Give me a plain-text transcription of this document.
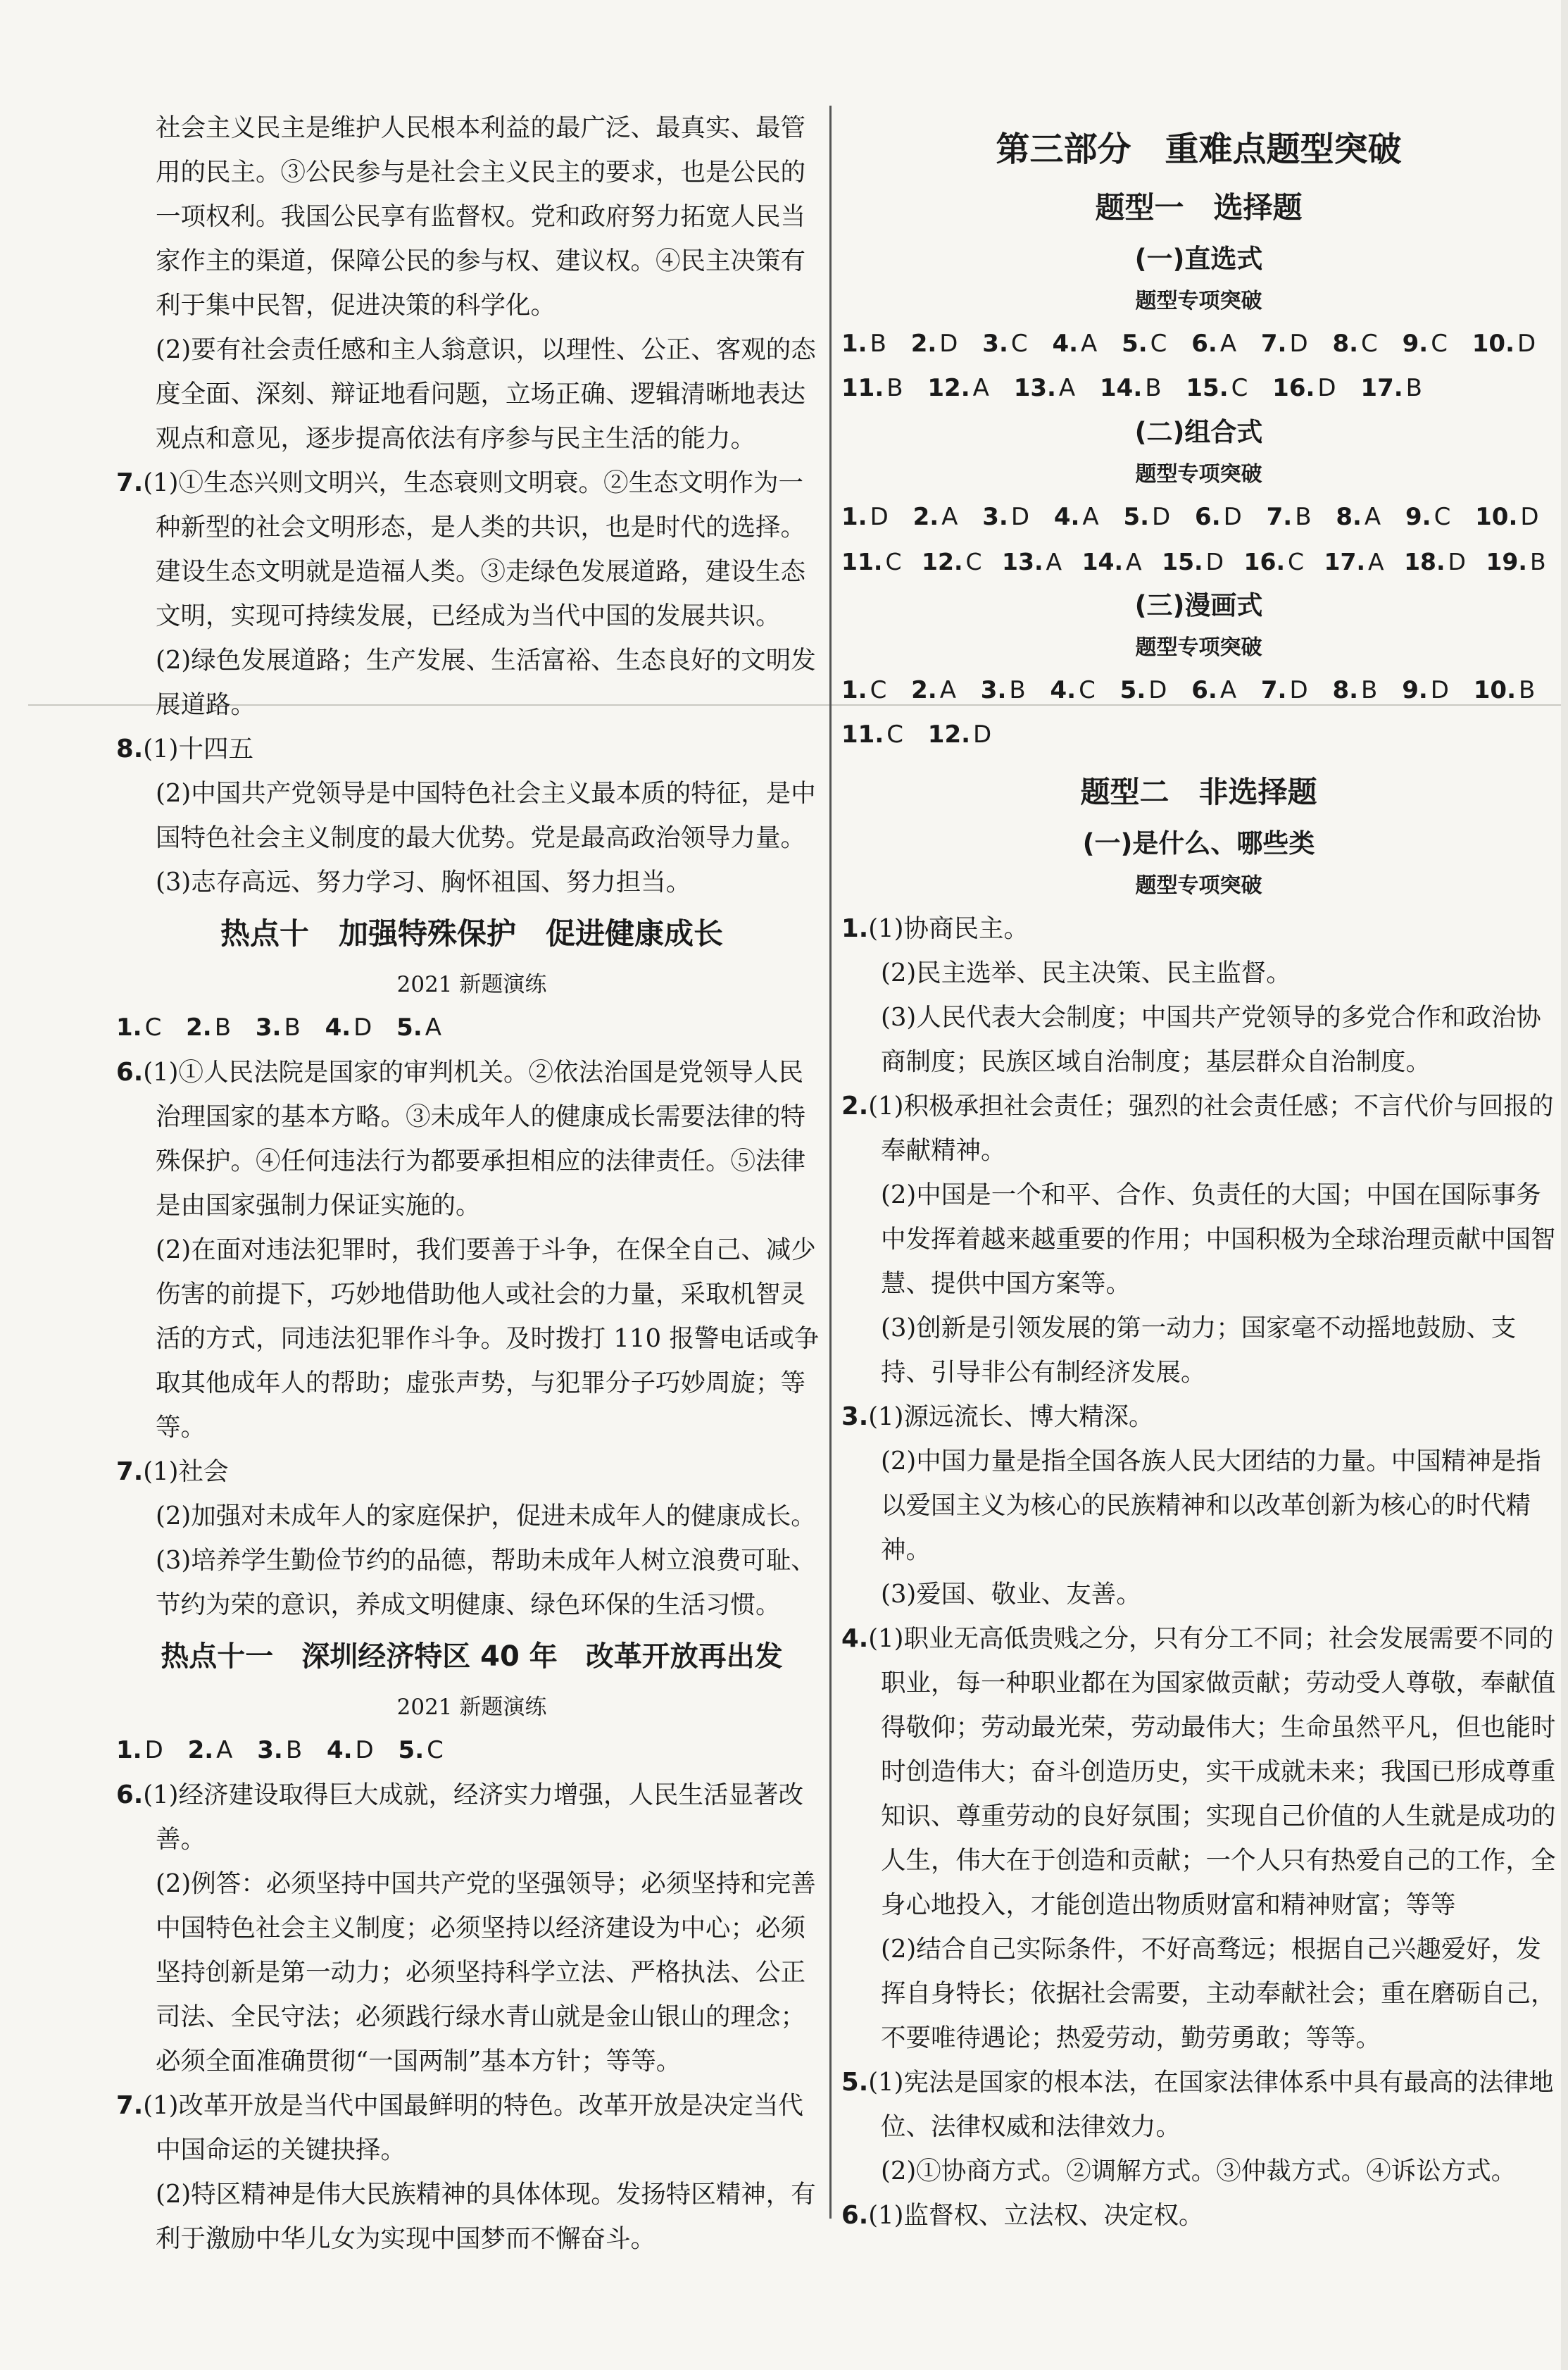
社会主义民主是维护人民根本利益的最广泛、最真实、最管用的民主。③公民参与是社会主义民主的要求，也是公民的一项权利。我国公民享有监督权。党和政府努力拓宽人民当家作主的渠道，保障公民的参与权、建议权。④民主决策有利于集中民智，促进决策的科学化。

(2)要有社会责任感和主人翁意识，以理性、公正、客观的态度全面、深刻、辩证地看问题，立场正确、逻辑清晰地表达观点和意见，逐步提高依法有序参与民主生活的能力。

7.(1)①生态兴则文明兴，生态衰则文明衰。②生态文明作为一种新型的社会文明形态，是人类的共识，也是时代的选择。建设生态文明就是造福人类。③走绿色发展道路，建设生态文明，实现可持续发展，已经成为当代中国的发展共识。

(2)绿色发展道路；生产发展、生活富裕、生态良好的文明发展道路。

8.(1)十四五

(2)中国共产党领导是中国特色社会主义最本质的特征，是中国特色社会主义制度的最大优势。党是最高政治领导力量。

(3)志存高远、努力学习、胸怀祖国、努力担当。

热点十　加强特殊保护　促进健康成长
2021 新题演练

1. C 2. B 3. B 4. D 5. A

6.(1)①人民法院是国家的审判机关。②依法治国是党领导人民治理国家的基本方略。③未成年人的健康成长需要法律的特殊保护。④任何违法行为都要承担相应的法律责任。⑤法律是由国家强制力保证实施的。

(2)在面对违法犯罪时，我们要善于斗争，在保全自己、减少伤害的前提下，巧妙地借助他人或社会的力量，采取机智灵活的方式，同违法犯罪作斗争。及时拨打 110 报警电话或争取其他成年人的帮助；虚张声势，与犯罪分子巧妙周旋；等等。

7.(1)社会

(2)加强对未成年人的家庭保护，促进未成年人的健康成长。

(3)培养学生勤俭节约的品德，帮助未成年人树立浪费可耻、节约为荣的意识，养成文明健康、绿色环保的生活习惯。

热点十一　深圳经济特区 40 年　改革开放再出发
2021 新题演练

1. D 2. A 3. B 4. D 5. C

6.(1)经济建设取得巨大成就，经济实力增强，人民生活显著改善。

(2)例答：必须坚持中国共产党的坚强领导；必须坚持和完善中国特色社会主义制度；必须坚持以经济建设为中心；必须坚持创新是第一动力；必须坚持科学立法、严格执法、公正司法、全民守法；必须践行绿水青山就是金山银山的理念；必须全面准确贯彻“一国两制”基本方针；等等。

7.(1)改革开放是当代中国最鲜明的特色。改革开放是决定当代中国命运的关键抉择。

(2)特区精神是伟大民族精神的具体体现。发扬特区精神，有利于激励中华儿女为实现中国梦而不懈奋斗。

第三部分　重难点题型突破
题型一　选择题
(一)直选式
题型专项突破

1. B 2. D 3. C 4. A 5. C 6. A 7. D 8. C 9. C 10. D

11. B 12. A 13. A 14. B 15. C 16. D 17. B

(二)组合式
题型专项突破

1. D 2. A 3. D 4. A 5. D 6. D 7. B 8. A 9. C 10. D

11. C 12. C 13. A 14. A 15. D 16. C 17. A 18. D 19. B

(三)漫画式
题型专项突破

1. C 2. A 3. B 4. C 5. D 6. A 7. D 8. B 9. D 10. B

11. C 12. D

题型二　非选择题
(一)是什么、哪些类
题型专项突破

1.(1)协商民主。

(2)民主选举、民主决策、民主监督。

(3)人民代表大会制度；中国共产党领导的多党合作和政治协商制度；民族区域自治制度；基层群众自治制度。

2.(1)积极承担社会责任；强烈的社会责任感；不言代价与回报的奉献精神。

(2)中国是一个和平、合作、负责任的大国；中国在国际事务中发挥着越来越重要的作用；中国积极为全球治理贡献中国智慧、提供中国方案等。

(3)创新是引领发展的第一动力；国家毫不动摇地鼓励、支持、引导非公有制经济发展。

3.(1)源远流长、博大精深。

(2)中国力量是指全国各族人民大团结的力量。中国精神是指以爱国主义为核心的民族精神和以改革创新为核心的时代精神。

(3)爱国、敬业、友善。

4.(1)职业无高低贵贱之分，只有分工不同；社会发展需要不同的职业，每一种职业都在为国家做贡献；劳动受人尊敬，奉献值得敬仰；劳动最光荣，劳动最伟大；生命虽然平凡，但也能时时创造伟大；奋斗创造历史，实干成就未来；我国已形成尊重知识、尊重劳动的良好氛围；实现自己价值的人生就是成功的人生，伟大在于创造和贡献；一个人只有热爱自己的工作，全身心地投入，才能创造出物质财富和精神财富；等等

(2)结合自己实际条件，不好高骛远；根据自己兴趣爱好，发挥自身特长；依据社会需要，主动奉献社会；重在磨砺自己，不要唯待遇论；热爱劳动，勤劳勇敢；等等。

5.(1)宪法是国家的根本法，在国家法律体系中具有最高的法律地位、法律权威和法律效力。

(2)①协商方式。②调解方式。③仲裁方式。④诉讼方式。

6.(1)监督权、立法权、决定权。
